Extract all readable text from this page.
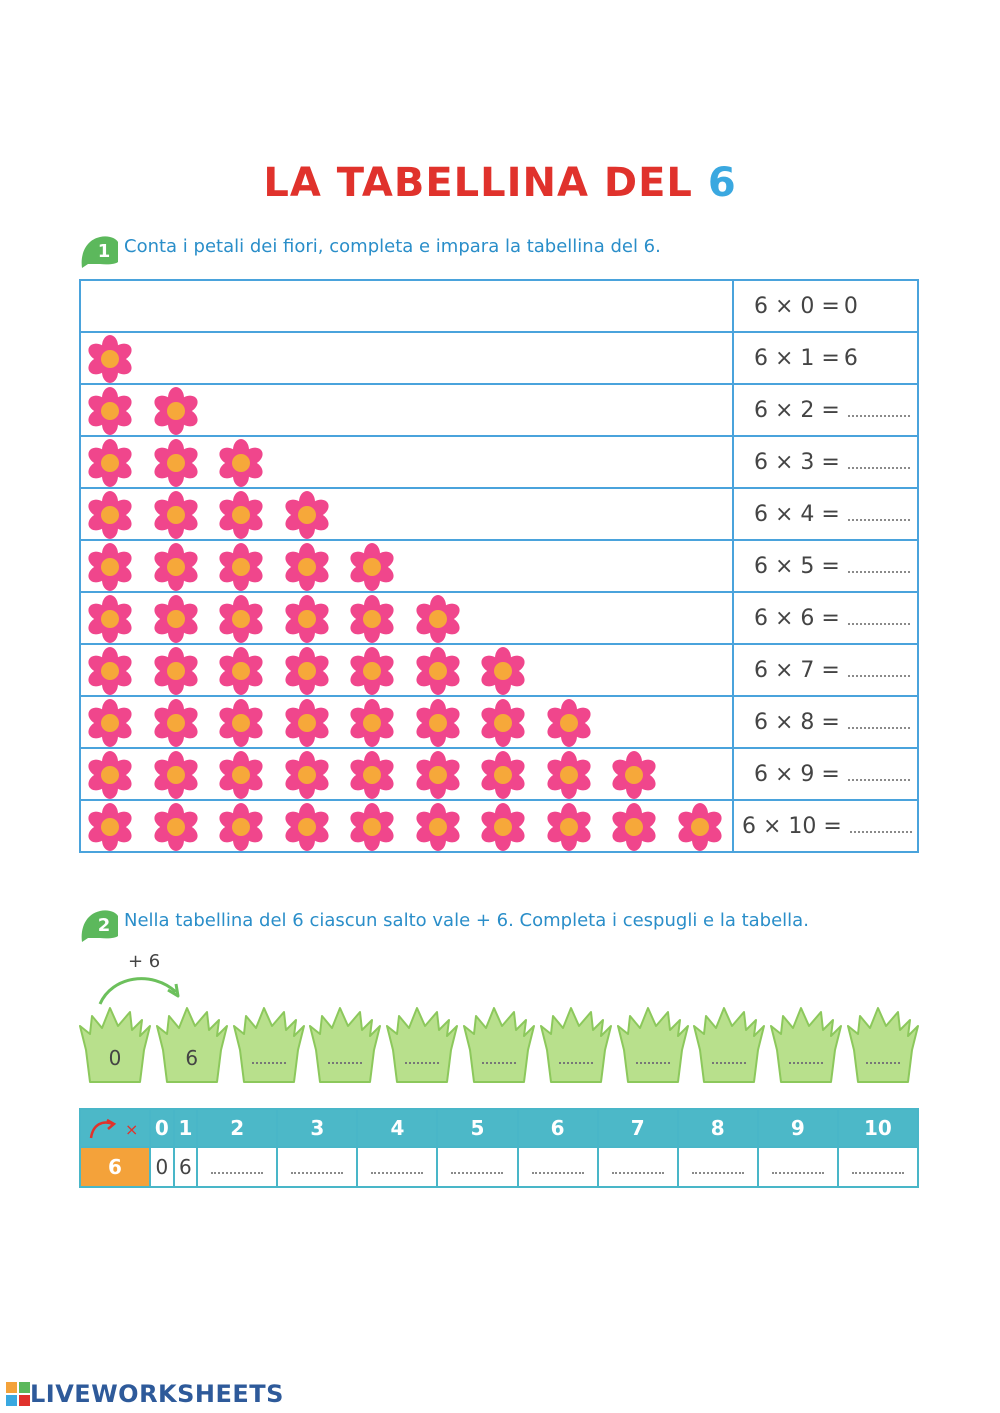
LA TABELLINA DEL 6
1 Conta i petali dei fiori, completa e impara la tabellina del 6.

	6 × 0 = 0

6 × 1 = 6

6 × 2 =

6 × 3 =

6 × 4 =

6 × 5 =

6 × 6 =

6 × 7 =

6 × 8 =

6 × 9 =

6 × 10 =
2 Nella tabellina del 6 ciascun salto vale + 6. Completa i cespugli e la tabella.
+ 6
0	6
×	0	1	2	3	4	5	6	7	8	9	10
6	0	6									
LIVEWORKSHEETS
